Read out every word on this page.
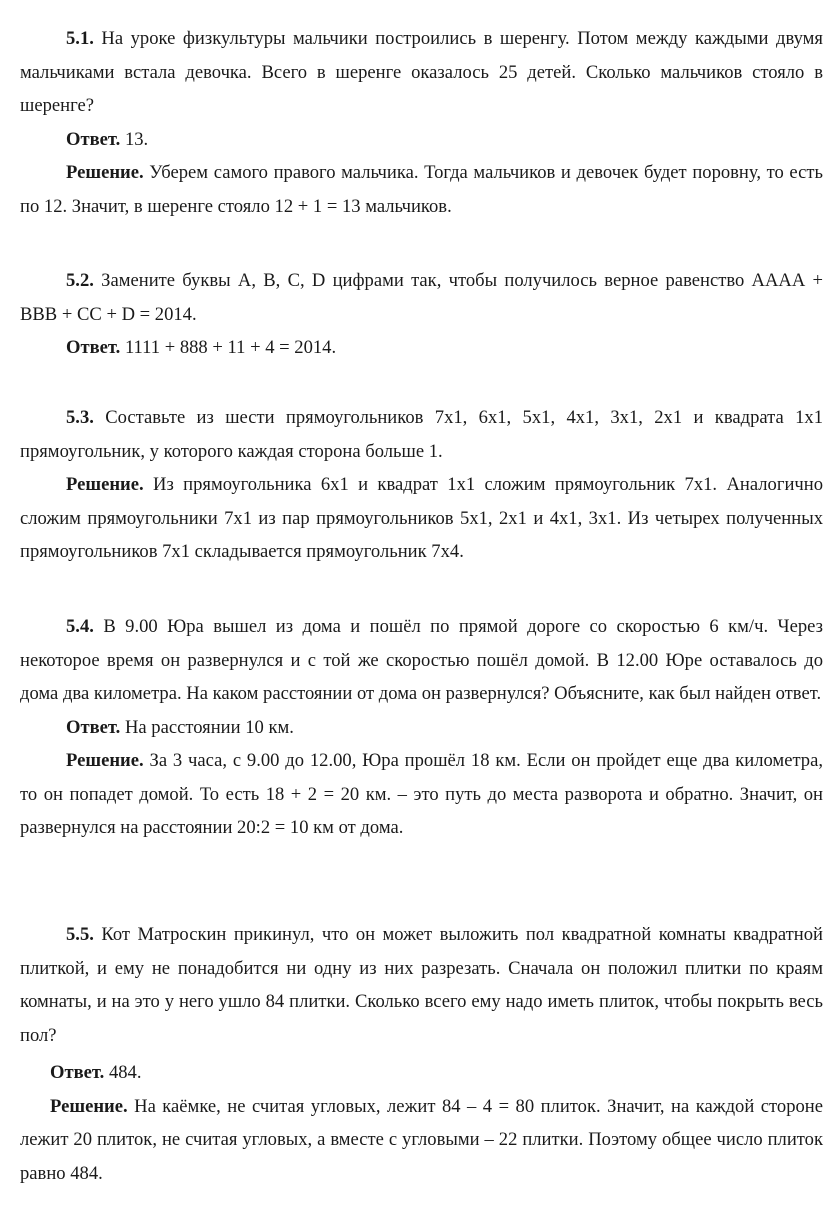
5.1. На уроке физкультуры мальчики построились в шеренгу. Потом между каждыми двумя мальчиками встала девочка. Всего в шеренге оказалось 25 детей. Сколько мальчиков стояло в шеренге?

Ответ. 13.

Решение. Уберем самого правого мальчика. Тогда мальчиков и девочек будет поровну, то есть по 12. Значит, в шеренге стояло 12 + 1 = 13 мальчиков.

5.2. Замените буквы А, В, С, D цифрами так, чтобы получилось верное равенство АААА + ВВВ + СС + D = 2014.

Ответ. 1111 + 888 + 11 + 4 = 2014.

5.3. Составьте из шести прямоугольников 7х1, 6х1, 5х1, 4х1, 3х1, 2х1 и квадрата 1х1 прямоугольник, у которого каждая сторона больше 1.

Решение. Из прямоугольника 6х1 и квадрат 1х1 сложим прямоугольник 7х1. Аналогично сложим прямоугольники 7х1 из пар прямоугольников 5х1, 2х1 и 4х1, 3х1. Из четырех полученных прямоугольников 7х1 складывается прямоугольник 7х4.

5.4. В 9.00 Юра вышел из дома и пошёл по прямой дороге со скоростью 6 км/ч. Через некоторое время он развернулся и с той же скоростью пошёл домой. В 12.00 Юре оставалось до дома два километра. На каком расстоянии от дома он развернулся? Объясните, как был найден ответ.

Ответ. На расстоянии 10 км.

Решение. За 3 часа, с 9.00 до 12.00, Юра прошёл 18 км. Если он пройдет еще два километра, то он попадет домой. То есть 18 + 2 = 20 км. – это путь до места разворота и обратно. Значит, он развернулся на расстоянии 20:2 = 10 км от дома.

5.5. Кот Матроскин прикинул, что он может выложить пол квадратной комнаты квадратной плиткой, и ему не понадобится ни одну из них разрезать. Сначала он положил плитки по краям комнаты, и на это у него ушло 84 плитки. Сколько всего ему надо иметь плиток, чтобы покрыть весь пол?

Ответ. 484.

Решение. На каёмке, не считая угловых, лежит 84 – 4 = 80 плиток. Значит, на каждой стороне лежит 20 плиток, не считая угловых, а вместе с угловыми – 22 плитки. Поэтому общее число плиток равно 484.
